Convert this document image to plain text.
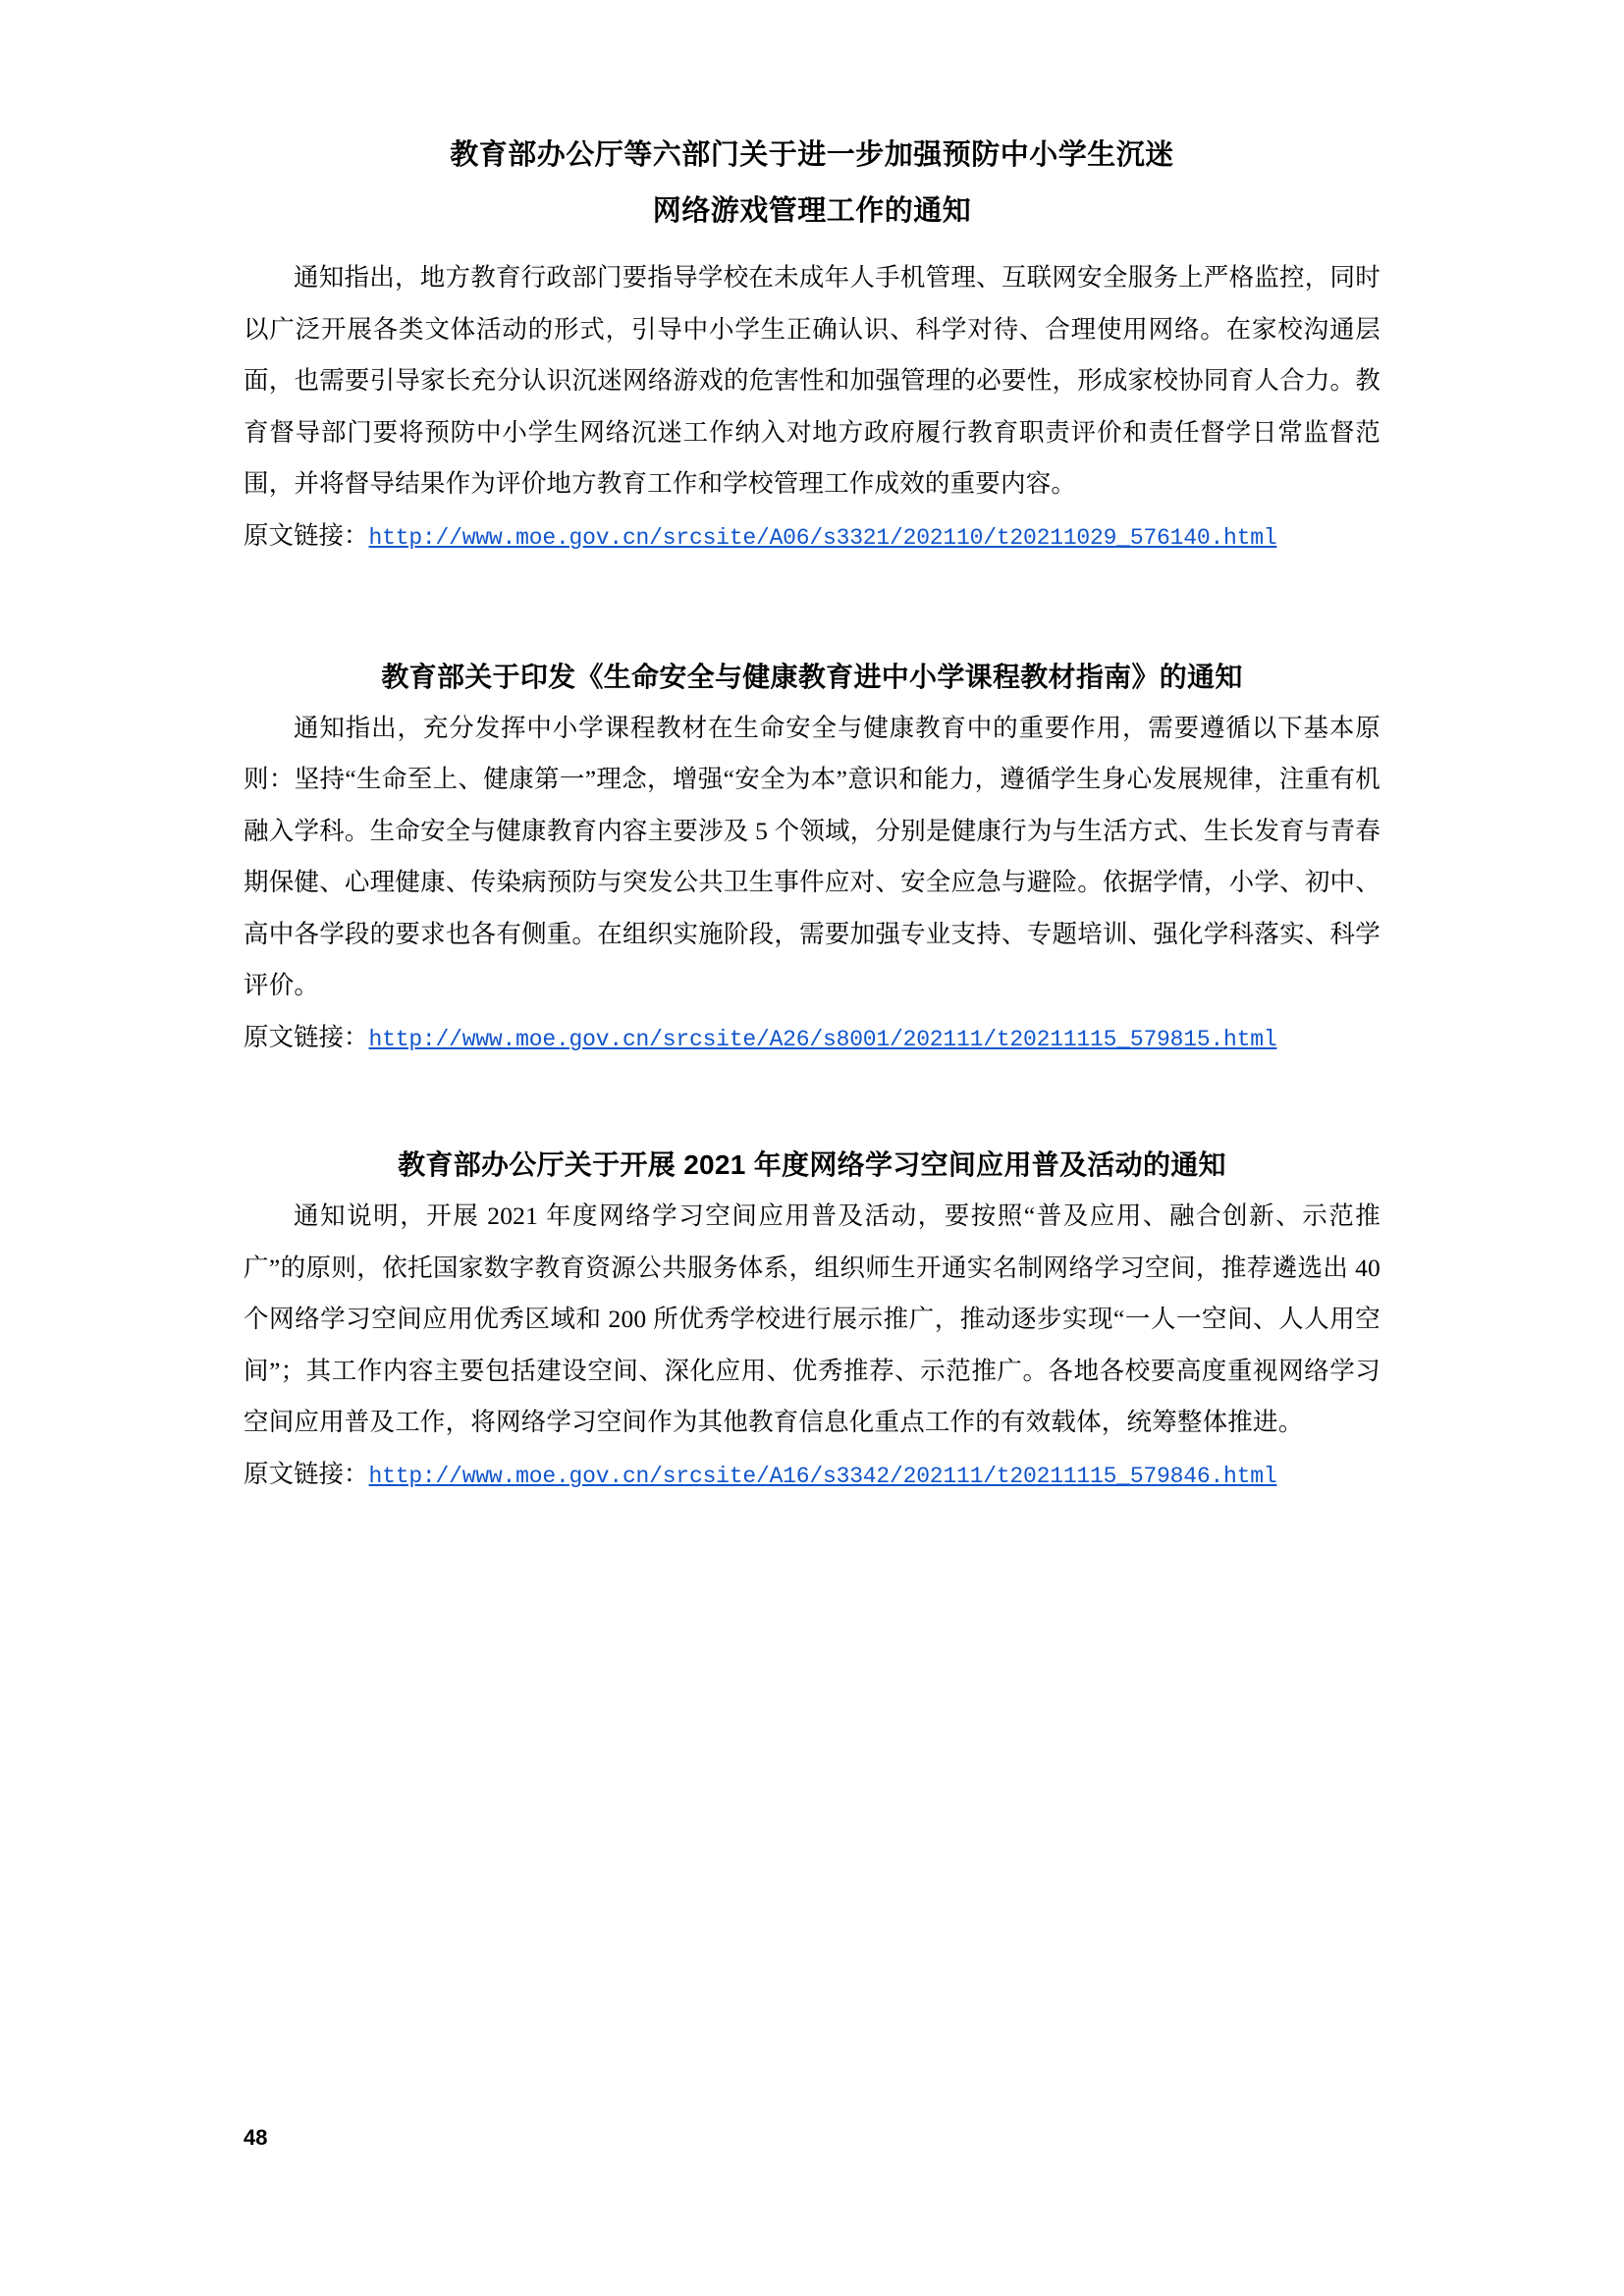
教育部办公厅等六部门关于进一步加强预防中小学生沉迷
网络游戏管理工作的通知

通知指出，地方教育行政部门要指导学校在未成年人手机管理、互联网安全服务上严格监控，同时以广泛开展各类文体活动的形式，引导中小学生正确认识、科学对待、合理使用网络。在家校沟通层面，也需要引导家长充分认识沉迷网络游戏的危害性和加强管理的必要性，形成家校协同育人合力。教育督导部门要将预防中小学生网络沉迷工作纳入对地方政府履行教育职责评价和责任督学日常监督范围，并将督导结果作为评价地方教育工作和学校管理工作成效的重要内容。

原文链接：http://www.moe.gov.cn/srcsite/A06/s3321/202110/t20211029_576140.html

教育部关于印发《生命安全与健康教育进中小学课程教材指南》的通知

通知指出，充分发挥中小学课程教材在生命安全与健康教育中的重要作用，需要遵循以下基本原则：坚持“生命至上、健康第一”理念，增强“安全为本”意识和能力，遵循学生身心发展规律，注重有机融入学科。生命安全与健康教育内容主要涉及 5 个领域，分别是健康行为与生活方式、生长发育与青春期保健、心理健康、传染病预防与突发公共卫生事件应对、安全应急与避险。依据学情，小学、初中、高中各学段的要求也各有侧重。在组织实施阶段，需要加强专业支持、专题培训、强化学科落实、科学评价。

原文链接：http://www.moe.gov.cn/srcsite/A26/s8001/202111/t20211115_579815.html

教育部办公厅关于开展 2021 年度网络学习空间应用普及活动的通知

通知说明，开展 2021 年度网络学习空间应用普及活动，要按照“普及应用、融合创新、示范推广”的原则，依托国家数字教育资源公共服务体系，组织师生开通实名制网络学习空间，推荐遴选出 40 个网络学习空间应用优秀区域和 200 所优秀学校进行展示推广，推动逐步实现“一人一空间、人人用空间”；其工作内容主要包括建设空间、深化应用、优秀推荐、示范推广。各地各校要高度重视网络学习空间应用普及工作，将网络学习空间作为其他教育信息化重点工作的有效载体，统筹整体推进。

原文链接：http://www.moe.gov.cn/srcsite/A16/s3342/202111/t20211115_579846.html

48
